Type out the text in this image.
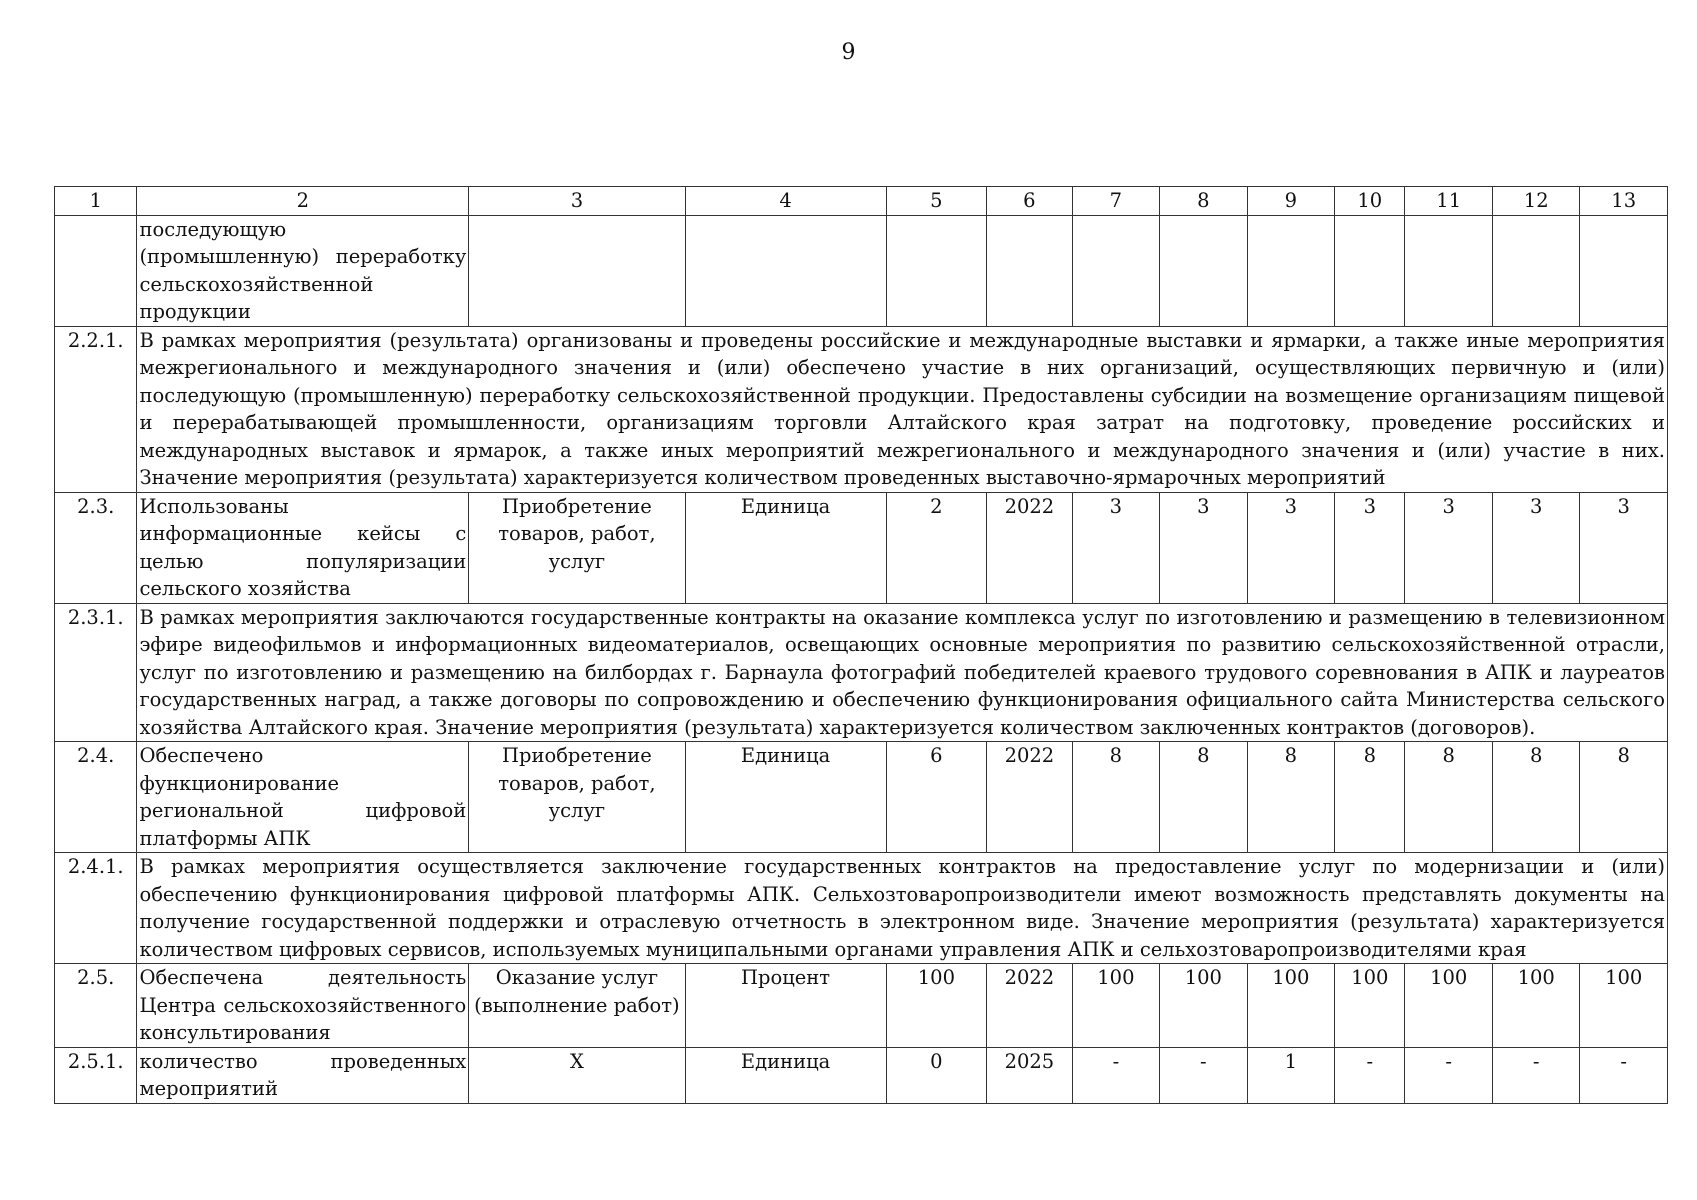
9
1	2	3	4	5	6	7	8	9	10	11	12	13
	последующую (промышленную) переработку сельскохозяйственной продукции											
2.2.1.	В рамках мероприятия (результата) организованы и проведены российские и международные выставки и ярмарки, а также иные мероприятия межрегионального и международного значения и (или) обеспечено участие в них организаций, осуществляющих первичную и (или) последующую (промышленную) переработку сельскохозяйственной продукции. Предоставлены субсидии на возмещение организациям пищевой и перерабатывающей промышленности, организациям торговли Алтайского края затрат на подготовку, проведение российских и международных выставок и ярмарок, а также иных мероприятий межрегионального и международного значения и (или) участие в них. Значение мероприятия (результата) характеризуется количеством проведенных выставочно-ярмарочных мероприятий											
2.3.	Использованы информационные кейсы с целью популяризации сельского хозяйства	Приобретение товаров, работ, услуг	Единица	2	2022	3	3	3	3	3	3	3
2.3.1.	В рамках мероприятия заключаются государственные контракты на оказание комплекса услуг по изготовлению и размещению в телевизионном эфире видеофильмов и информационных видеоматериалов, освещающих основные мероприятия по развитию сельскохозяйственной отрасли, услуг по изготовлению и размещению на билбордах г. Барнаула фотографий победителей краевого трудового соревнования в АПК и лауреатов государственных наград, а также договоры по сопровождению и обеспечению функционирования официального сайта Министерства сельского хозяйства Алтайского края. Значение мероприятия (результата) характеризуется количеством заключенных контрактов (договоров).											
2.4.	Обеспечено функционирование региональной цифровой платформы АПК	Приобретение товаров, работ, услуг	Единица	6	2022	8	8	8	8	8	8	8
2.4.1.	В рамках мероприятия осуществляется заключение государственных контрактов на предоставление услуг по модернизации и (или) обеспечению функционирования цифровой платформы АПК. Сельхозтоваропроизводители имеют возможность представлять документы на получение государственной поддержки и отраслевую отчетность в электронном виде. Значение мероприятия (результата) характеризуется количеством цифровых сервисов, используемых муниципальными органами управления АПК и сельхозтоваропроизводителями края											
2.5.	Обеспечена деятельность Центра сельскохозяйственного консультирования	Оказание услуг (выполнение работ)	Процент	100	2022	100	100	100	100	100	100	100
2.5.1.	количество проведенных мероприятий	Х	Единица	0	2025	-	-	1	-	-	-	-
